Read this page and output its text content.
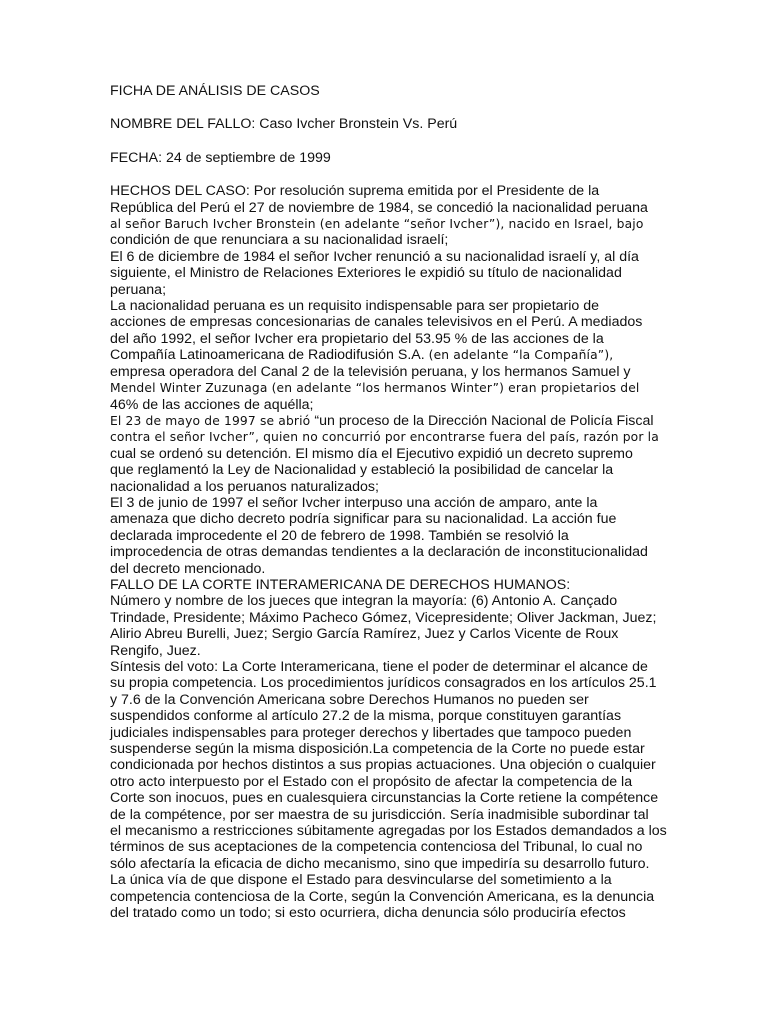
FICHA DE ANÁLISIS DE CASOS
NOMBRE DEL FALLO: Caso Ivcher Bronstein Vs. Perú
FECHA: 24 de septiembre de 1999
HECHOS DEL CASO: Por resolución suprema emitida por el Presidente de la
República del Perú el 27 de noviembre de 1984, se concedió la nacionalidad peruana
al señor Baruch Ivcher Bronstein (en adelante “señor Ivcher”), nacido en Israel, bajo
condición de que renunciara a su nacionalidad israelí;
El 6 de diciembre de 1984 el señor Ivcher renunció a su nacionalidad israelí y, al día
siguiente, el Ministro de Relaciones Exteriores le expidió su título de nacionalidad
peruana;
La nacionalidad peruana es un requisito indispensable para ser propietario de
acciones de empresas concesionarias de canales televisivos en el Perú. A mediados
del año 1992, el señor Ivcher era propietario del 53.95 % de las acciones de la
Compañía Latinoamericana de Radiodifusión S.A. (en adelante “la Compañía”),
empresa operadora del Canal 2 de la televisión peruana, y los hermanos Samuel y
Mendel Winter Zuzunaga (en adelante “los hermanos Winter”) eran propietarios del
46% de las acciones de aquélla;
El 23 de mayo de 1997 se abrió “un proceso de la Dirección Nacional de Policía Fiscal
contra el señor Ivcher”, quien no concurrió por encontrarse fuera del país, razón por la
cual se ordenó su detención. El mismo día el Ejecutivo expidió un decreto supremo
que reglamentó la Ley de Nacionalidad y estableció la posibilidad de cancelar la
nacionalidad a los peruanos naturalizados;
El 3 de junio de 1997 el señor Ivcher interpuso una acción de amparo, ante la
amenaza que dicho decreto podría significar para su nacionalidad. La acción fue
declarada improcedente el 20 de febrero de 1998. También se resolvió la
improcedencia de otras demandas tendientes a la declaración de inconstitucionalidad
del decreto mencionado.
FALLO DE LA CORTE INTERAMERICANA DE DERECHOS HUMANOS:
Número y nombre de los jueces que integran la mayoría: (6) Antonio A. Cançado
Trindade, Presidente; Máximo Pacheco Gómez, Vicepresidente; Oliver Jackman, Juez;
Alirio Abreu Burelli, Juez; Sergio García Ramírez, Juez y Carlos Vicente de Roux
Rengifo, Juez.
Síntesis del voto: La Corte Interamericana, tiene el poder de determinar el alcance de
su propia competencia. Los procedimientos jurídicos consagrados en los artículos 25.1
y 7.6 de la Convención Americana sobre Derechos Humanos no pueden ser
suspendidos conforme al artículo 27.2 de la misma, porque constituyen garantías
judiciales indispensables para proteger derechos y libertades que tampoco pueden
suspenderse según la misma disposición.La competencia de la Corte no puede estar
condicionada por hechos distintos a sus propias actuaciones. Una objeción o cualquier
otro acto interpuesto por el Estado con el propósito de afectar la competencia de la
Corte son inocuos, pues en cualesquiera circunstancias la Corte retiene la compétence
de la compétence, por ser maestra de su jurisdicción. Sería inadmisible subordinar tal
el mecanismo a restricciones súbitamente agregadas por los Estados demandados a los
términos de sus aceptaciones de la competencia contenciosa del Tribunal, lo cual no
sólo afectaría la eficacia de dicho mecanismo, sino que impediría su desarrollo futuro.
La única vía de que dispone el Estado para desvincularse del sometimiento a la
competencia contenciosa de la Corte, según la Convención Americana, es la denuncia
del tratado como un todo; si esto ocurriera, dicha denuncia sólo produciría efectos
